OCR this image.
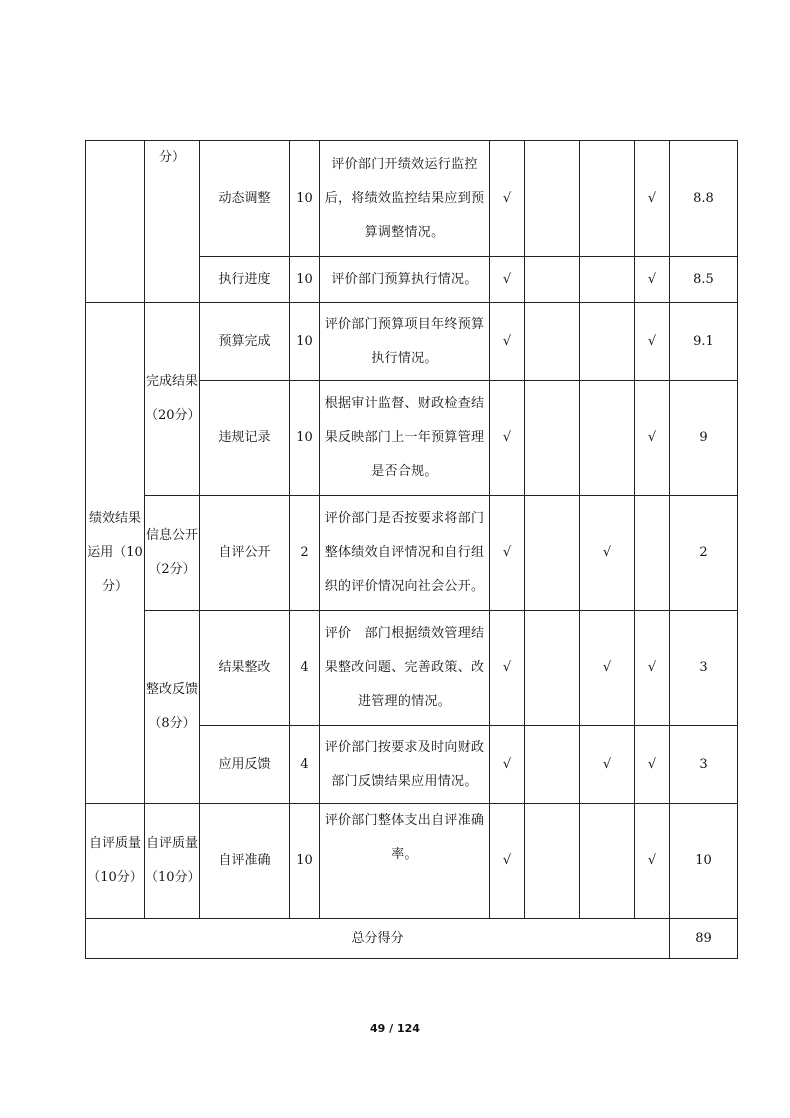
	分）	动态调整	10	评价部门开绩效运行监控后，将绩效监控结果应到预算调整情况。	√			√	8.8
		执行进度	10	评价部门预算执行情况。	√			√	8.5
绩效结果运用（10分）	完成结果（20分）	预算完成	10	评价部门预算项目年终预算执行情况。	√			√	9.1
		违规记录	10	根据审计监督、财政检查结果反映部门上一年预算管理是否合规。	√			√	9
	信息公开（2分）	自评公开	2	评价部门是否按要求将部门整体绩效自评情况和自行组织的评价情况向社会公开。	√		√		2
	整改反馈（8分）	结果整改	4	评价　部门根据绩效管理结果整改问题、完善政策、改进管理的情况。	√		√	√	3
		应用反馈	4	评价部门按要求及时向财政部门反馈结果应用情况。	√		√	√	3
自评质量（10分）	自评质量（10分）	自评准确	10	评价部门整体支出自评准确率。	√			√	10
总分得分									89
49 / 124
